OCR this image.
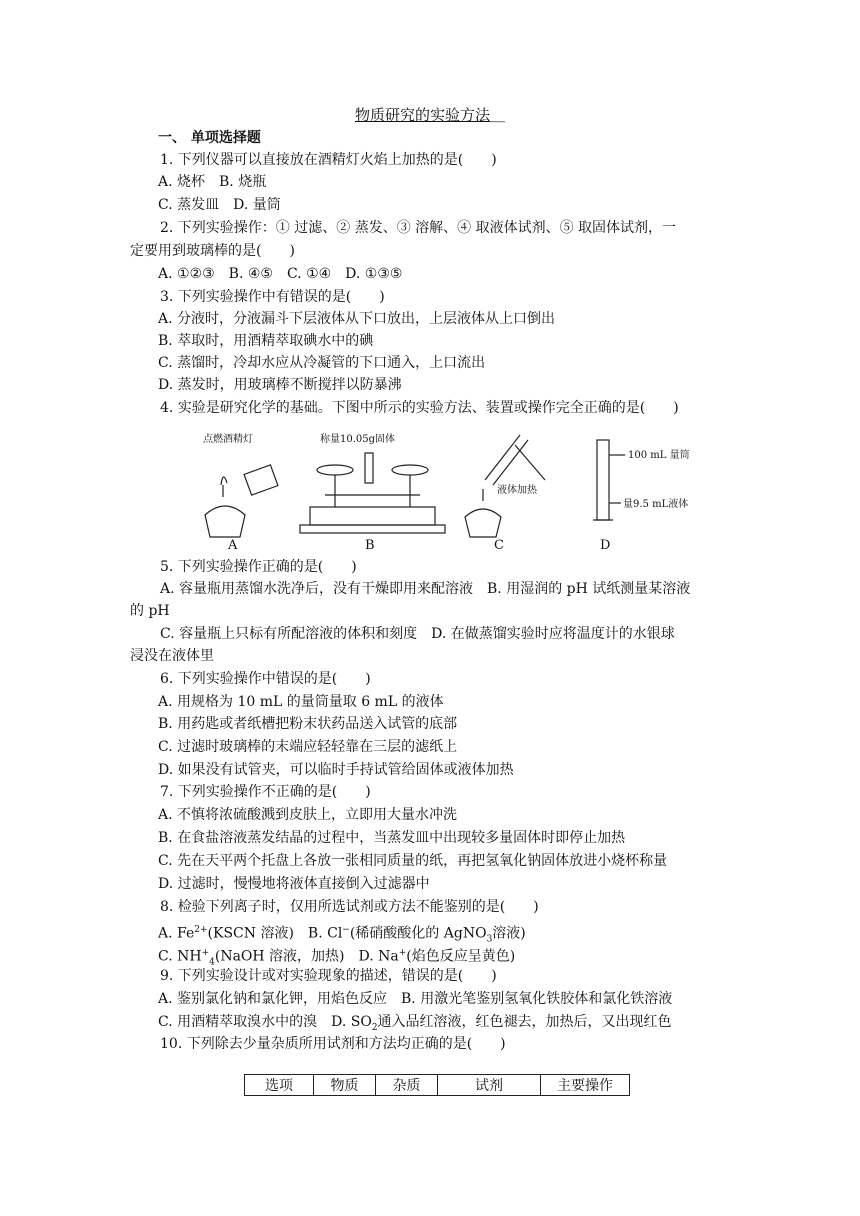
物质研究的实验方法＿
一、 单项选择题
1. 下列仪器可以直接放在酒精灯火焰上加热的是(　　)
A. 烧杯　B. 烧瓶
C. 蒸发皿　D. 量筒
2. 下列实验操作：① 过滤、② 蒸发、③ 溶解、④ 取液体试剂、⑤ 取固体试剂，一
定要用到玻璃棒的是(　　)
A. ①②③　B. ④⑤　C. ①④　D. ①③⑤
3. 下列实验操作中有错误的是(　　)
A. 分液时，分液漏斗下层液体从下口放出，上层液体从上口倒出
B. 萃取时，用酒精萃取碘水中的碘
C. 蒸馏时，冷却水应从冷凝管的下口通入，上口流出
D. 蒸发时，用玻璃棒不断搅拌以防暴沸
4. 实验是研究化学的基础。下图中所示的实验方法、装置或操作完全正确的是(　　)
点燃酒精灯	称量10.05g固体
液体加热
100 mL 量筒
量9.5 mL液体
A	B	C	D
5. 下列实验操作正确的是(　　)
A. 容量瓶用蒸馏水洗净后，没有干燥即用来配溶液　B. 用湿润的 pH 试纸测量某溶液
的 pH
C. 容量瓶上只标有所配溶液的体积和刻度　D. 在做蒸馏实验时应将温度计的水银球
浸没在液体里
6. 下列实验操作中错误的是(　　)
A. 用规格为 10 mL 的量筒量取 6 mL 的液体
B. 用药匙或者纸槽把粉末状药品送入试管的底部
C. 过滤时玻璃棒的末端应轻轻靠在三层的滤纸上
D. 如果没有试管夹，可以临时手持试管给固体或液体加热
7. 下列实验操作不正确的是(　　)
A. 不慎将浓硫酸溅到皮肤上，立即用大量水冲洗
B. 在食盐溶液蒸发结晶的过程中，当蒸发皿中出现较多量固体时即停止加热
C. 先在天平两个托盘上各放一张相同质量的纸，再把氢氧化钠固体放进小烧杯称量
D. 过滤时，慢慢地将液体直接倒入过滤器中
8. 检验下列离子时，仅用所选试剂或方法不能鉴别的是(　　)
A. $Fe^{2+}(KSCN$ 溶液)　B. Cl−(稀硝酸酸化的 AgNO$_3$溶液)
C. $NH^+_4(NaOH$ 溶液，加热)　D. Na+(焰色反应呈黄色)
9. 下列实验设计或对实验现象的描述，错误的是(　　)
A. 鉴别氯化钠和氯化钾，用焰色反应　B. 用激光笔鉴别氢氧化铁胶体和氯化铁溶液
C. 用酒精萃取溴水中的溴　D. $SO_2$通入品红溶液，红色褪去，加热后，又出现红色
10. 下列除去少量杂质所用试剂和方法均正确的是(　　)
选项	物质	杂质	试剂	主要操作
